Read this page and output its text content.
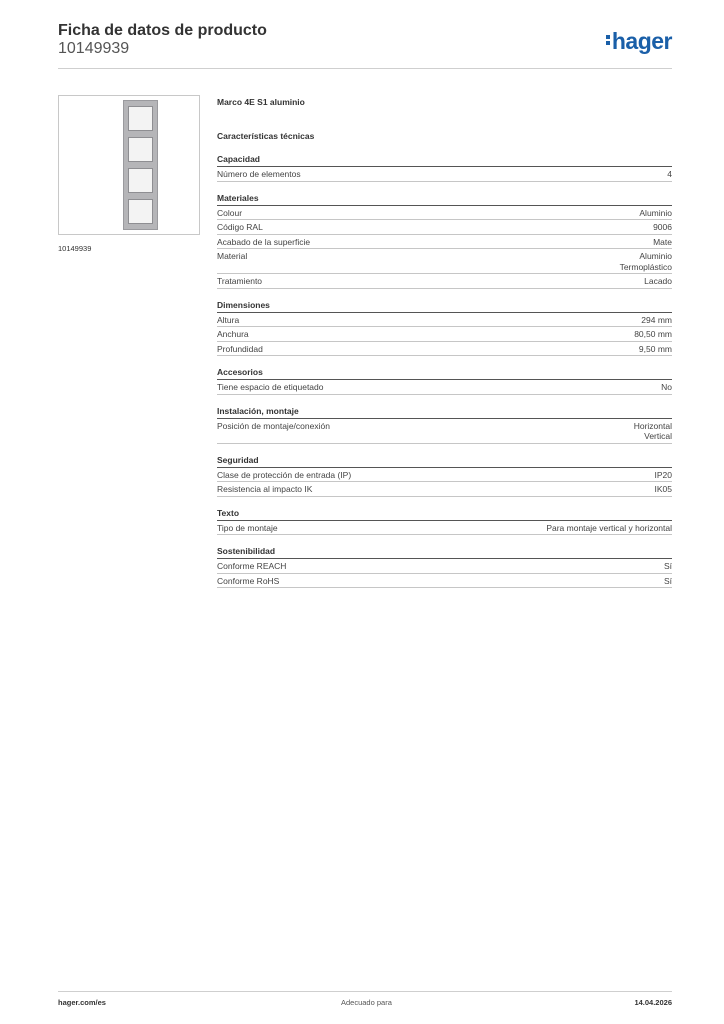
Ficha de datos de producto
10149939	hager
10149939
Marco 4E S1 aluminio
Características técnicas
Capacidad
Número de elementos	4
Materiales
Colour	Aluminio
Código RAL	9006
Acabado de la superficie	Mate
Material	Aluminio
Termoplástico
Tratamiento	Lacado
Dimensiones
Altura	294 mm
Anchura	80,50 mm
Profundidad	9,50 mm
Accesorios
Tiene espacio de etiquetado	No
Instalación, montaje
Posición de montaje/conexión	Horizontal
Vertical
Seguridad
Clase de protección de entrada (IP)	IP20
Resistencia al impacto IK	IK05
Texto
Tipo de montaje	Para montaje vertical y horizontal
Sostenibilidad
Conforme REACH	Sí
Conforme RoHS	Sí
hager.com/es	Adecuado para	14.04.2026
